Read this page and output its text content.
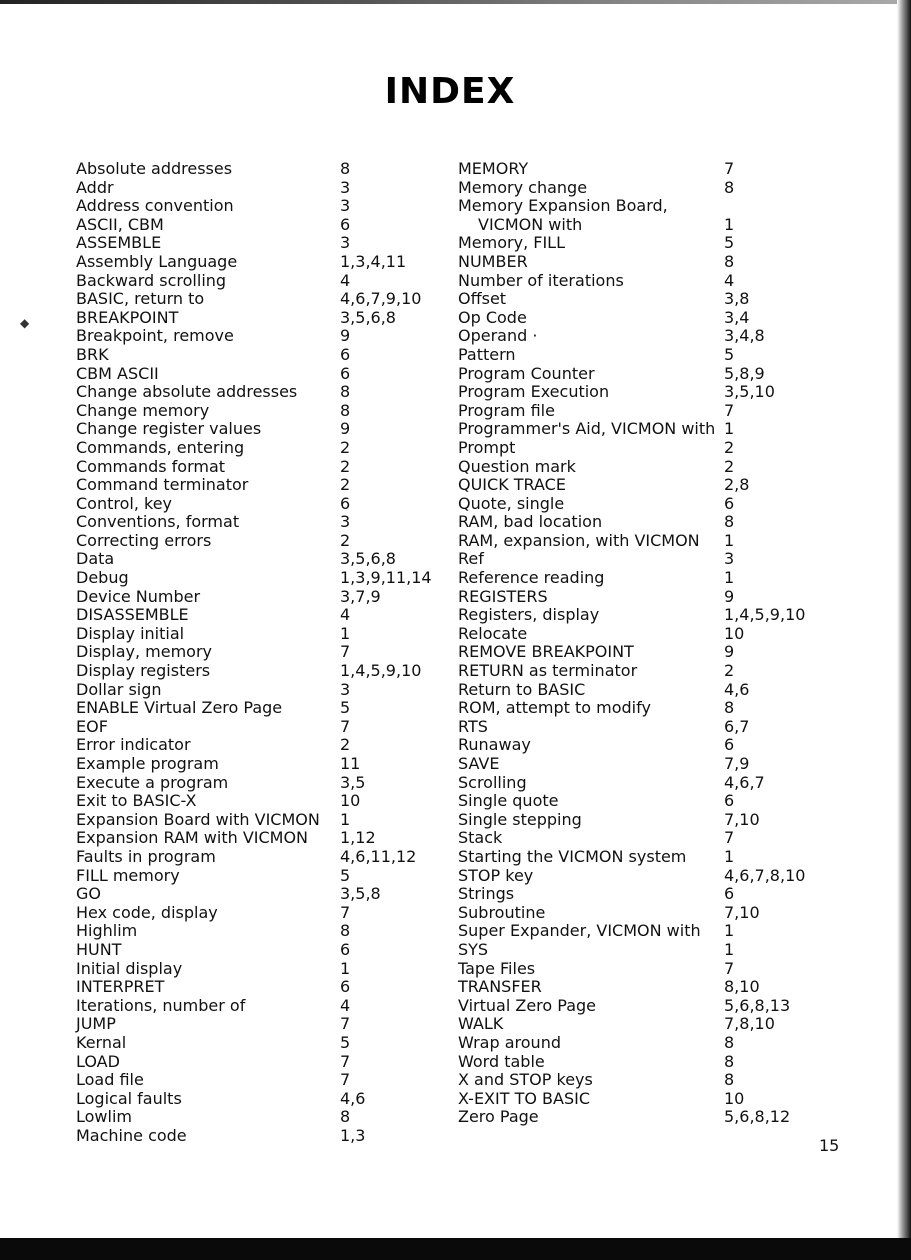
◆
INDEX
Absolute addresses	8
Addr	3
Address convention	3
ASCII, CBM	6
ASSEMBLE	3
Assembly Language	1,3,4,11
Backward scrolling	4
BASIC, return to	4,6,7,9,10
BREAKPOINT	3,5,6,8
Breakpoint, remove	9
BRK	6
CBM ASCII	6
Change absolute addresses	8
Change memory	8
Change register values	9
Commands, entering	2
Commands format	2
Command terminator	2
Control, key	6
Conventions, format	3
Correcting errors	2
Data	3,5,6,8
Debug	1,3,9,11,14
Device Number	3,7,9
DISASSEMBLE	4
Display initial	1
Display, memory	7
Display registers	1,4,5,9,10
Dollar sign	3
ENABLE Virtual Zero Page	5
EOF	7
Error indicator	2
Example program	11
Execute a program	3,5
Exit to BASIC-X	10
Expansion Board with VICMON 1
Expansion RAM with VICMON 1,12
Faults in program	4,6,11,12
FILL memory	5
GO	3,5,8
Hex code, display	7
Highlim	8
HUNT	6
Initial display	1
INTERPRET	6
Iterations, number of	4
JUMP	7
Kernal	5
LOAD	7
Load file	7
Logical faults	4,6
Lowlim	8
Machine code	1,3
MEMORY	7
Memory change	8
Memory Expansion Board,
VICMON with	1
Memory, FILL	5
NUMBER	8
Number of iterations	4
Offset	3,8
Op Code	3,4
Operand ·	3,4,8
Pattern	5
Program Counter	5,8,9
Program Execution	3,5,10
Program file	7
Programmer's Aid, VICMON with 1
Prompt	2
Question mark	2
QUICK TRACE	2,8
Quote, single	6
RAM, bad location	8
RAM, expansion, with VICMON 1
Ref	3
Reference reading	1
REGISTERS	9
Registers, display	1,4,5,9,10
Relocate	10
REMOVE BREAKPOINT	9
RETURN as terminator	2
Return to BASIC	4,6
ROM, attempt to modify	8
RTS	6,7
Runaway	6
SAVE	7,9
Scrolling	4,6,7
Single quote	6
Single stepping	7,10
Stack	7
Starting the VICMON system 1
STOP key	4,6,7,8,10
Strings	6
Subroutine	7,10
Super Expander, VICMON with 1
SYS	1
Tape Files	7
TRANSFER	8,10
Virtual Zero Page	5,6,8,13
WALK	7,8,10
Wrap around	8
Word table	8
X and STOP keys	8
X-EXIT TO BASIC	10
Zero Page	5,6,8,12
15
